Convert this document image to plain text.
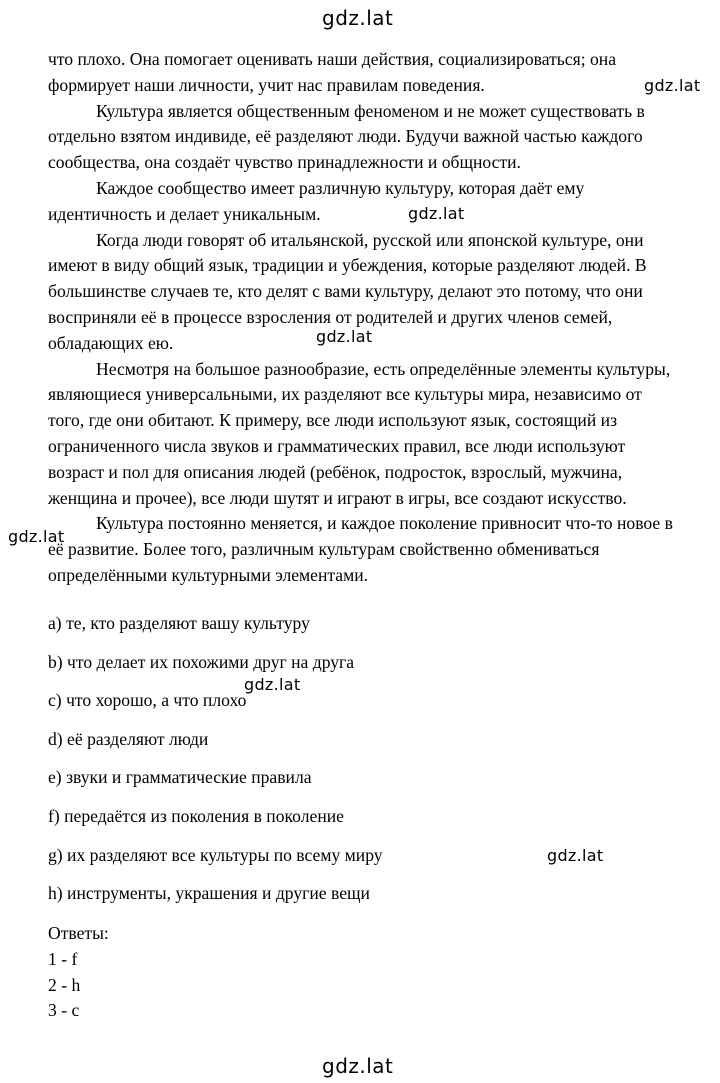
gdz.lat

что плохо. Она помогает оценивать наши действия, социализироваться; она формирует наши личности, учит нас правилам поведения.

Культура является общественным феноменом и не может существовать в отдельно взятом индивиде, её разделяют люди. Будучи важной частью каждого сообщества, она создаёт чувство принадлежности и общности.

Каждое сообщество имеет различную культуру, которая даёт ему идентичность и делает уникальным.

Когда люди говорят об итальянской, русской или японской культуре, они имеют в виду общий язык, традиции и убеждения, которые разделяют людей. В большинстве случаев те, кто делят с вами культуру, делают это потому, что они восприняли её в процессе взросления от родителей и других членов семей, обладающих ею.

Несмотря на большое разнообразие, есть определённые элементы культуры, являющиеся универсальными, их разделяют все культуры мира, независимо от того, где они обитают. К примеру, все люди используют язык, состоящий из ограниченного числа звуков и грамматических правил, все люди используют возраст и пол для описания людей (ребёнок, подросток, взрослый, мужчина, женщина и прочее), все люди шутят и играют в игры, все создают искусство.

Культура постоянно меняется, и каждое поколение привносит что-то новое в её развитие. Более того, различным культурам свойственно обмениваться определёнными культурными элементами.

a) те, кто разделяют вашу культуру
b) что делает их похожими друг на друга
c) что хорошо, а что плохо
d) её разделяют люди
e) звуки и грамматические правила
f) передаётся из поколения в поколение
g) их разделяют все культуры по всему миру
h) инструменты, украшения и другие вещи
Ответы:
1 - f
2 - h
3 - c
gdz.lat
gdz.lat
gdz.lat
gdz.lat
gdz.lat
gdz.lat
gdz.lat
